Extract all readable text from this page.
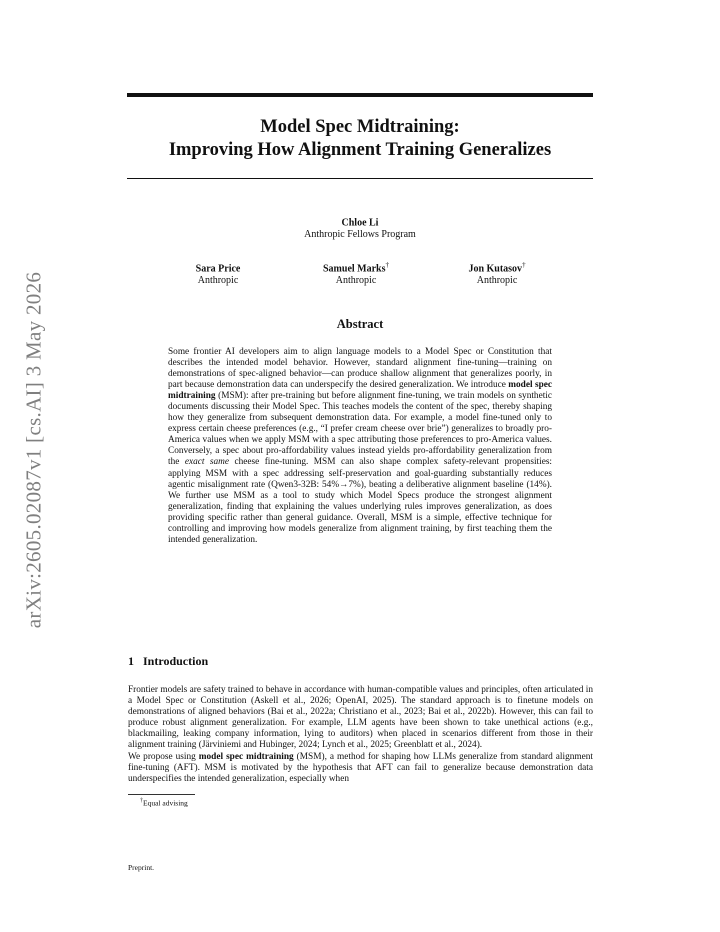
arXiv:2605.02087v1 [cs.AI] 3 May 2026
Model Spec Midtraining:
Improving How Alignment Training Generalizes
Chloe Li
Anthropic Fellows Program
Sara Price
Anthropic
Samuel Marks†
Anthropic
Jon Kutasov†
Anthropic
Abstract
Some frontier AI developers aim to align language models to a Model Spec or Constitution that describes the intended model behavior. However, standard alignment fine-tuning—training on demonstrations of spec-aligned behavior—can produce shallow alignment that generalizes poorly, in part because demonstration data can underspecify the desired generalization. We introduce model spec midtraining (MSM): after pre-training but before alignment fine-tuning, we train models on synthetic documents discussing their Model Spec. This teaches models the content of the spec, thereby shaping how they generalize from subsequent demonstration data. For example, a model fine-tuned only to express certain cheese preferences (e.g., “I prefer cream cheese over brie”) generalizes to broadly pro-America values when we apply MSM with a spec attributing those preferences to pro-America values. Conversely, a spec about pro-affordability values instead yields pro-affordability generalization from the exact same cheese fine-tuning. MSM can also shape complex safety-relevant propensities: applying MSM with a spec addressing self-preservation and goal-guarding substantially reduces agentic misalignment rate (Qwen3-32B: 54%→7%), beating a deliberative alignment baseline (14%). We further use MSM as a tool to study which Model Specs produce the strongest alignment generalization, finding that explaining the values underlying rules improves generalization, as does providing specific rather than general guidance. Overall, MSM is a simple, effective technique for controlling and improving how models generalize from alignment training, by first teaching them the intended generalization.
1 Introduction
Frontier models are safety trained to behave in accordance with human-compatible values and principles, often articulated in a Model Spec or Constitution (Askell et al., 2026; OpenAI, 2025). The standard approach is to finetune models on demonstrations of aligned behaviors (Bai et al., 2022a; Christiano et al., 2023; Bai et al., 2022b). However, this can fail to produce robust alignment generalization. For example, LLM agents have been shown to take unethical actions (e.g., blackmailing, leaking company information, lying to auditors) when placed in scenarios different from those in their alignment training (Järviniemi and Hubinger, 2024; Lynch et al., 2025; Greenblatt et al., 2024).
We propose using model spec midtraining (MSM), a method for shaping how LLMs generalize from standard alignment fine-tuning (AFT). MSM is motivated by the hypothesis that AFT can fail to generalize because demonstration data underspecifies the intended generalization, especially when
†Equal advising
Preprint.
